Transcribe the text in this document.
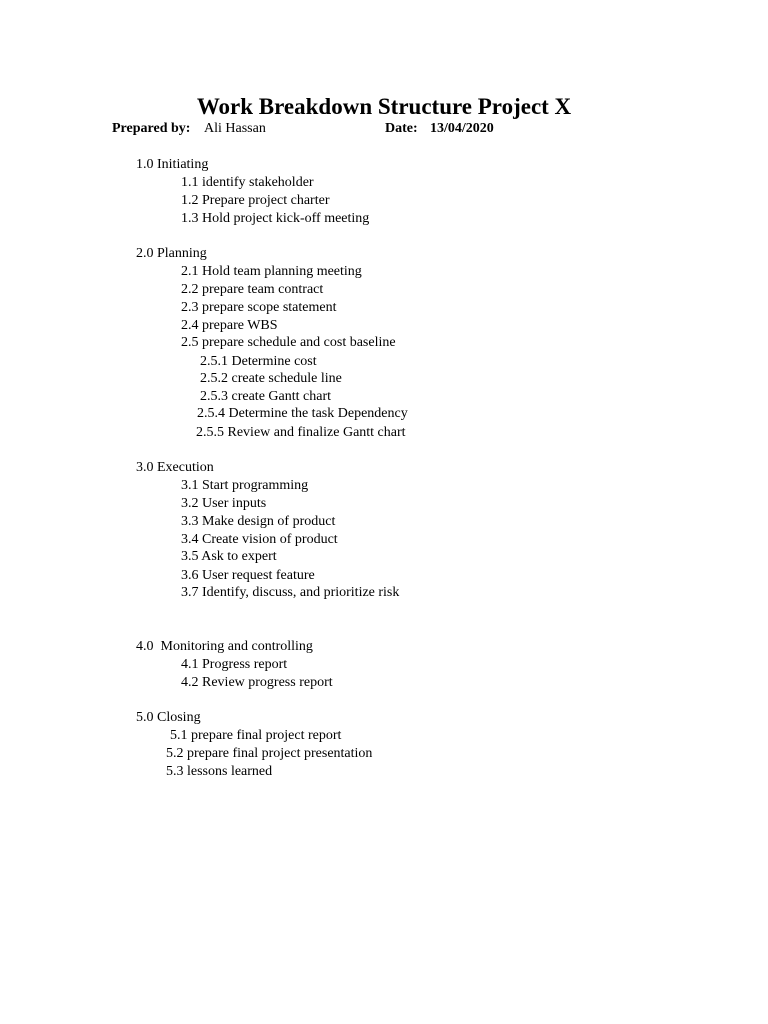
Work Breakdown Structure Project X
Prepared by: Ali Hassan	Date: 13/04/2020
1.0 Initiating
1.1 identify stakeholder
1.2 Prepare project charter
1.3 Hold project kick-off meeting
2.0 Planning
2.1 Hold team planning meeting
2.2 prepare team contract
2.3 prepare scope statement
2.4 prepare WBS
2.5 prepare schedule and cost baseline
2.5.1 Determine cost
2.5.2 create schedule line
2.5.3 create Gantt chart
2.5.4 Determine the task Dependency
2.5.5 Review and finalize Gantt chart
3.0 Execution
3.1 Start programming
3.2 User inputs
3.3 Make design of product
3.4 Create vision of product
3.5 Ask to expert
3.6 User request feature
3.7 Identify, discuss, and prioritize risk
4.0  Monitoring and controlling
4.1 Progress report
4.2 Review progress report
5.0 Closing
5.1 prepare final project report
5.2 prepare final project presentation
5.3 lessons learned
